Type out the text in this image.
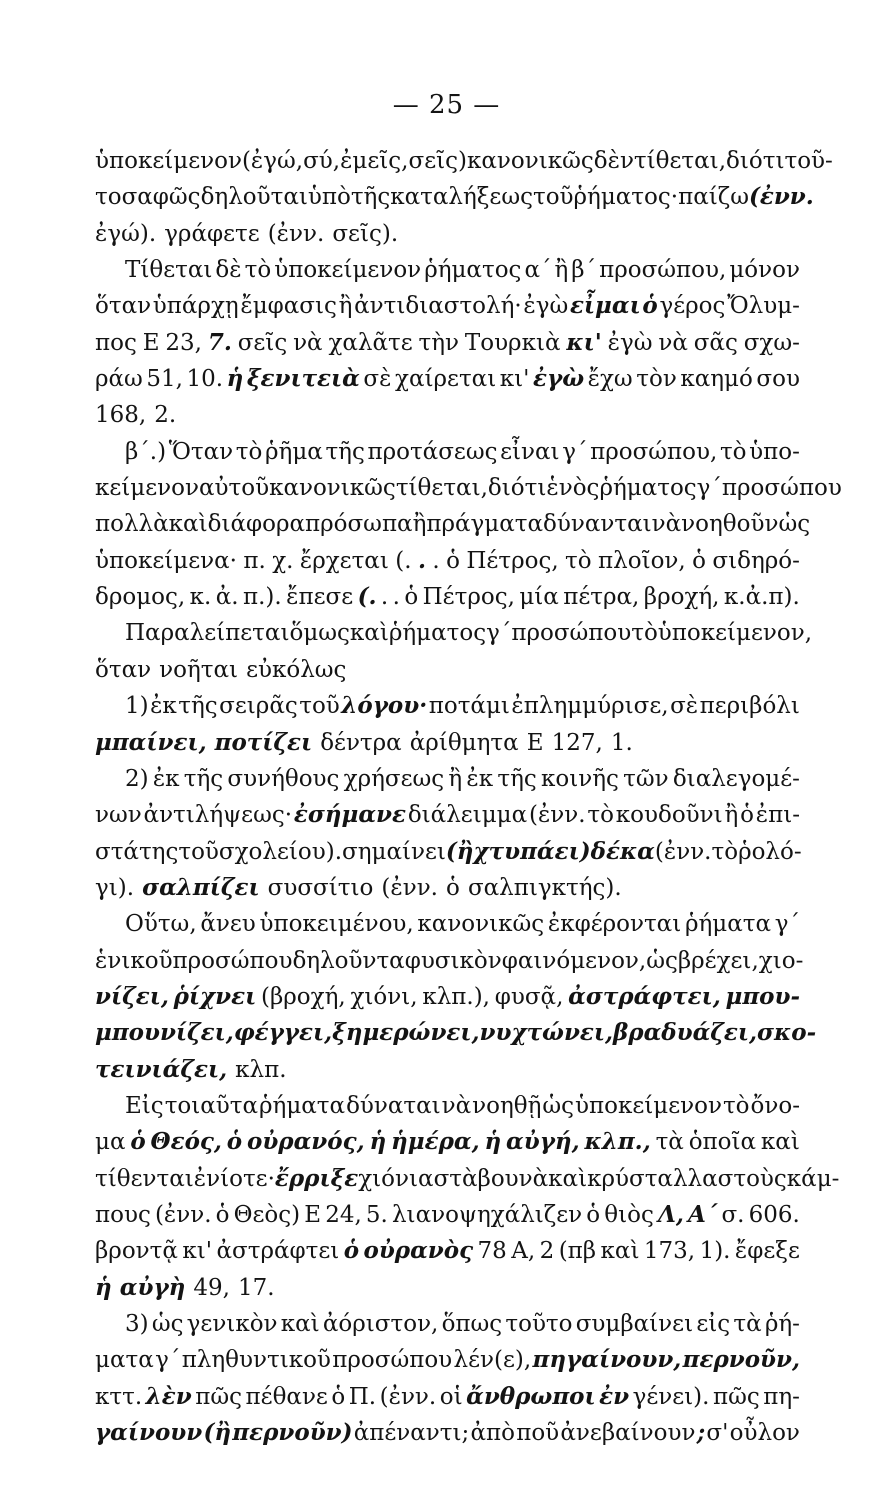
— 25 —
ὑποκείμενον (ἐγώ, σύ, ἐμεῖς, σεῖς) κανονικῶς δὲν τίθεται, διότι τοῦ-
το σαφῶς δηλοῦται ὑπὸ τῆς καταλήξεως τοῦ ῥήματος· παίζω (ἐνν.
ἐγώ). γράφετε (ἐνν. σεῖς).
Τίθεται δὲ τὸ ὑποκείμενον ῥήματος α΄ ἢ β΄ προσώπου, μόνον
ὅταν ὑπάρχῃ ἔμφασις ἢ ἀντιδιαστολή· ἐγὼ εἶμαι ὁ γέρος Ὄλυμ-
πος Ε 23, 7. σεῖς νὰ χαλᾶτε τὴν Τουρκιὰ κι' ἐγὼ νὰ σᾶς σχω-
ράω 51, 10. ἡ ξενιτειὰ σὲ χαίρεται κι' ἐγὼ ἔχω τὸν καημό σου
168, 2.
β΄.) Ὅταν τὸ ῥῆμα τῆς προτάσεως εἶναι γ΄ προσώπου, τὸ ὑπο-
κείμενον αὐτοῦ κανονικῶς τίθεται, διότι ἑνὸς ῥήματος γ΄ προσώπου
πολλὰ καὶ διάφορα πρόσωπα ἢ πράγματα δύνανται νὰ νοηθοῦν ὡς
ὑποκείμενα· π. χ. ἔρχεται (. . . ὁ Πέτρος, τὸ πλοῖον, ὁ σιδηρό-
δρομος, κ. ἀ. π.). ἔπεσε (. . . ὁ Πέτρος, μία πέτρα, βροχή, κ.ἀ.π).
Παραλείπεται ὅμως καὶ ῥήματος γ΄ προσώπου τὸ ὑποκείμενον,
ὅταν νοῆται εὐκόλως
1) ἐκ τῆς σειρᾶς τοῦ λόγου· ποτάμι ἐπλημμύρισε, σὲ περιβόλι
μπαίνει, ποτίζει δέντρα ἀρίθμητα Ε 127, 1.
2) ἐκ τῆς συνήθους χρήσεως ἢ ἐκ τῆς κοινῆς τῶν διαλεγομέ-
νων ἀντιλήψεως· ἐσήμανε διάλειμμα (ἐνν. τὸ κουδοῦνι ἢ ὁ ἐπι-
στάτης τοῦ σχολείου). σημαίνει (ἢ χτυπάει) δέκα (ἐνν. τὸ ῥολό-
γι). σαλπίζει συσσίτιο (ἐνν. ὁ σαλπιγκτής).
Οὕτω, ἄνευ ὑποκειμένου, κανονικῶς ἐκφέρονται ῥήματα γ΄
ἑνικοῦ προσώπου δηλοῦντα φυσικὸν φαινόμενον, ὡς βρέχει, χιο-
νίζει, ῥίχνει (βροχή, χιόνι, κλπ.), φυσᾷ, ἀστράφτει, μπου-
μπουνίζει, φέγγει, ξημερώνει, νυχτώνει, βραδυάζει, σκο-
τεινιάζει, κλπ.
Εἰς τοιαῦτα ῥήματα δύναται νὰ νοηθῇ ὡς ὑποκείμενον τὸ ὄνο-
μα ὁ Θεός, ὁ οὐρανός, ἡ ἡμέρα, ἡ αὐγή, κλπ., τὰ ὁποῖα καὶ
τίθενται ἐνίοτε· ἔρριξε χιόνια στὰ βουνὰ καὶ κρύσταλλα στοὺς κάμ-
πους (ἐνν. ὁ Θεὸς) Ε 24, 5. λιανοψηχάλιζεν ὁ θιὸς Λ, Α΄ σ. 606.
βροντᾷ κι' ἀστράφτει ὁ οὐρανὸς 78 Α, 2 (πβ καὶ 173, 1). ἔφεξε
ἡ αὐγὴ 49, 17.
3) ὡς γενικὸν καὶ ἀόριστον, ὅπως τοῦτο συμβαίνει εἰς τὰ ῥή-
ματα γ΄ πληθυντικοῦ προσώπου λέν(ε), πηγαίνουν, περνοῦν,
κττ. λὲν πῶς πέθανε ὁ Π. (ἐνν. οἱ ἄνθρωποι ἐν γένει). πῶς πη-
γαίνουν (ἢ περνοῦν) ἀπέναντι; ἀπὸ ποῦ ἀνεβαίνουν ; σ' οὖλον
